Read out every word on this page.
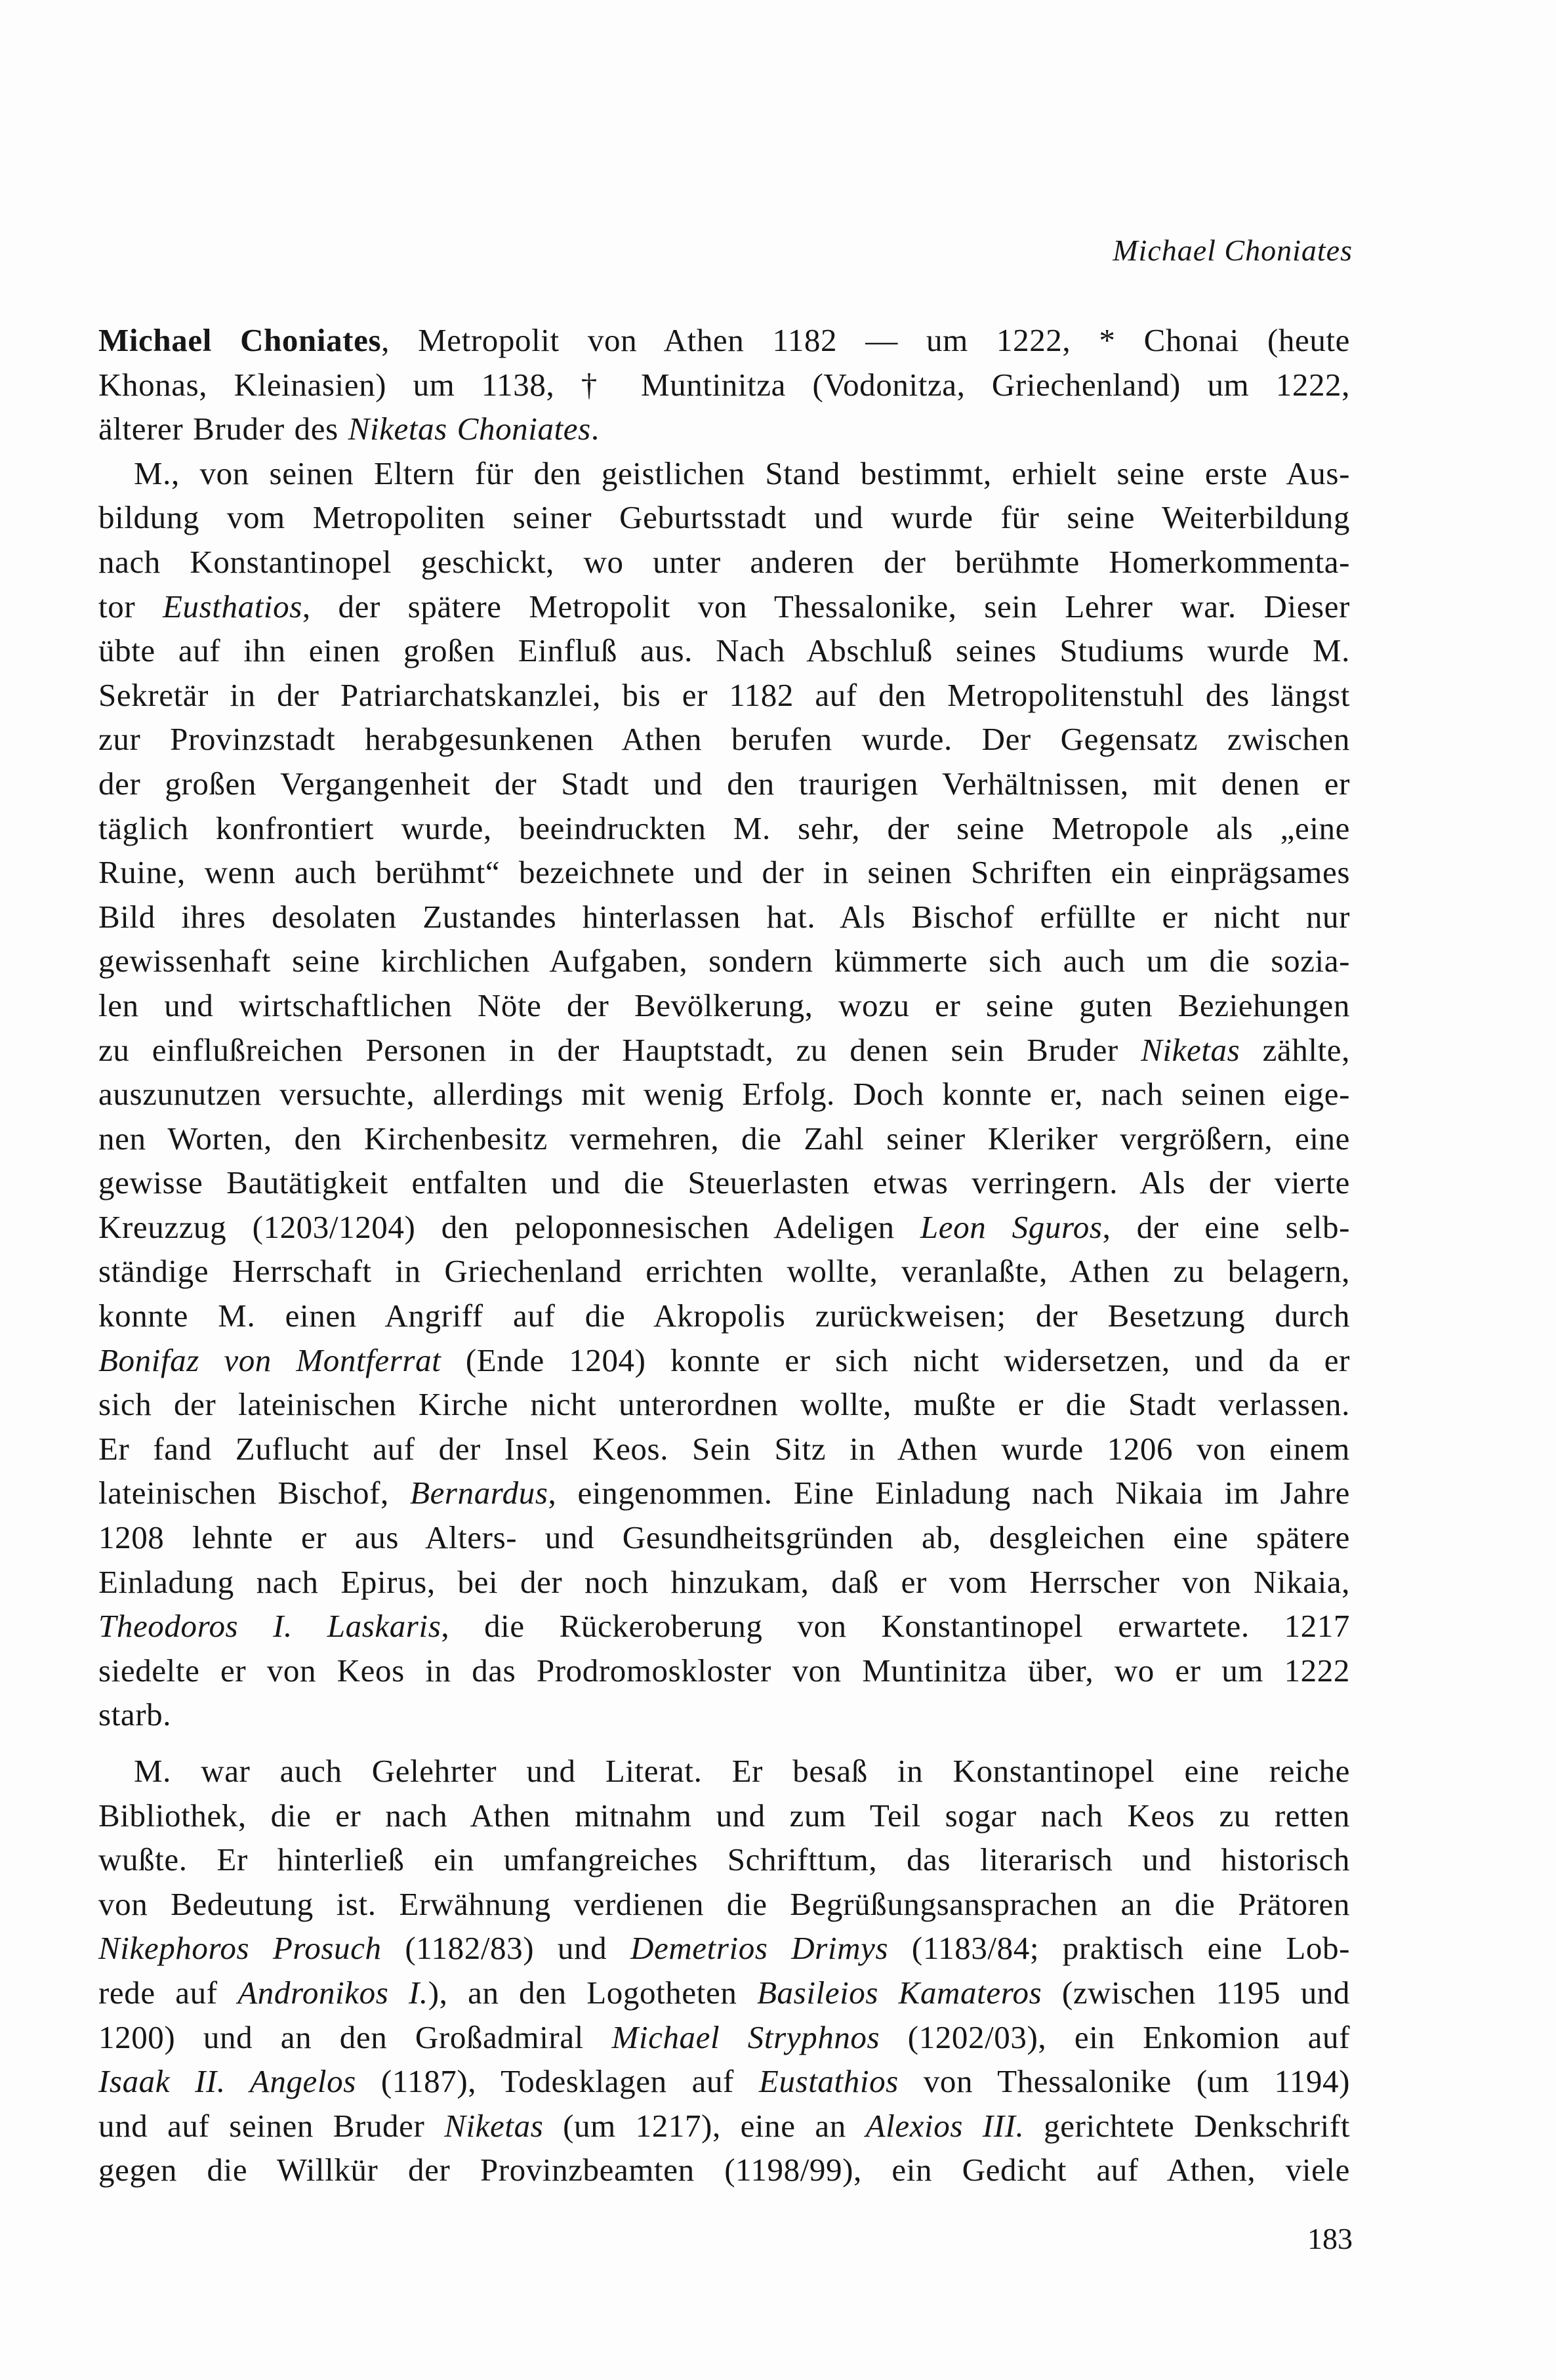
Michael Choniates
Michael Choniates, Metropolit von Athen 1182 — um 1222, * Chonai (heute
Khonas, Kleinasien) um 1138, † Muntinitza (Vodonitza, Griechenland) um 1222,
älterer Bruder des Niketas Choniates.
M., von seinen Eltern für den geistlichen Stand bestimmt, erhielt seine erste Aus-
bildung vom Metropoliten seiner Geburtsstadt und wurde für seine Weiterbildung
nach Konstantinopel geschickt, wo unter anderen der berühmte Homerkommenta-
tor Eusthatios, der spätere Metropolit von Thessalonike, sein Lehrer war. Dieser
übte auf ihn einen großen Einfluß aus. Nach Abschluß seines Studiums wurde M.
Sekretär in der Patriarchatskanzlei, bis er 1182 auf den Metropolitenstuhl des längst
zur Provinzstadt herabgesunkenen Athen berufen wurde. Der Gegensatz zwischen
der großen Vergangenheit der Stadt und den traurigen Verhältnissen, mit denen er
täglich konfrontiert wurde, beeindruckten M. sehr, der seine Metropole als „eine
Ruine, wenn auch berühmt“ bezeichnete und der in seinen Schriften ein einprägsames
Bild ihres desolaten Zustandes hinterlassen hat. Als Bischof erfüllte er nicht nur
gewissenhaft seine kirchlichen Aufgaben, sondern kümmerte sich auch um die sozia-
len und wirtschaftlichen Nöte der Bevölkerung, wozu er seine guten Beziehungen
zu einflußreichen Personen in der Hauptstadt, zu denen sein Bruder Niketas zählte,
auszunutzen versuchte, allerdings mit wenig Erfolg. Doch konnte er, nach seinen eige-
nen Worten, den Kirchenbesitz vermehren, die Zahl seiner Kleriker vergrößern, eine
gewisse Bautätigkeit entfalten und die Steuerlasten etwas verringern. Als der vierte
Kreuzzug (1203/1204) den peloponnesischen Adeligen Leon Sguros, der eine selb-
ständige Herrschaft in Griechenland errichten wollte, veranlaßte, Athen zu belagern,
konnte M. einen Angriff auf die Akropolis zurückweisen; der Besetzung durch
Bonifaz von Montferrat (Ende 1204) konnte er sich nicht widersetzen, und da er
sich der lateinischen Kirche nicht unterordnen wollte, mußte er die Stadt verlassen.
Er fand Zuflucht auf der Insel Keos. Sein Sitz in Athen wurde 1206 von einem
lateinischen Bischof, Bernardus, eingenommen. Eine Einladung nach Nikaia im Jahre
1208 lehnte er aus Alters- und Gesundheitsgründen ab, desgleichen eine spätere
Einladung nach Epirus, bei der noch hinzukam, daß er vom Herrscher von Nikaia,
Theodoros I. Laskaris, die Rückeroberung von Konstantinopel erwartete. 1217
siedelte er von Keos in das Prodromoskloster von Muntinitza über, wo er um 1222
starb.
M. war auch Gelehrter und Literat. Er besaß in Konstantinopel eine reiche
Bibliothek, die er nach Athen mitnahm und zum Teil sogar nach Keos zu retten
wußte. Er hinterließ ein umfangreiches Schrifttum, das literarisch und historisch
von Bedeutung ist. Erwähnung verdienen die Begrüßungsansprachen an die Prätoren
Nikephoros Prosuch (1182/83) und Demetrios Drimys (1183/84; praktisch eine Lob-
rede auf Andronikos I.), an den Logotheten Basileios Kamateros (zwischen 1195 und
1200) und an den Großadmiral Michael Stryphnos (1202/03), ein Enkomion auf
Isaak II. Angelos (1187), Todesklagen auf Eustathios von Thessalonike (um 1194)
und auf seinen Bruder Niketas (um 1217), eine an Alexios III. gerichtete Denkschrift
gegen die Willkür der Provinzbeamten (1198/99), ein Gedicht auf Athen, viele
183
